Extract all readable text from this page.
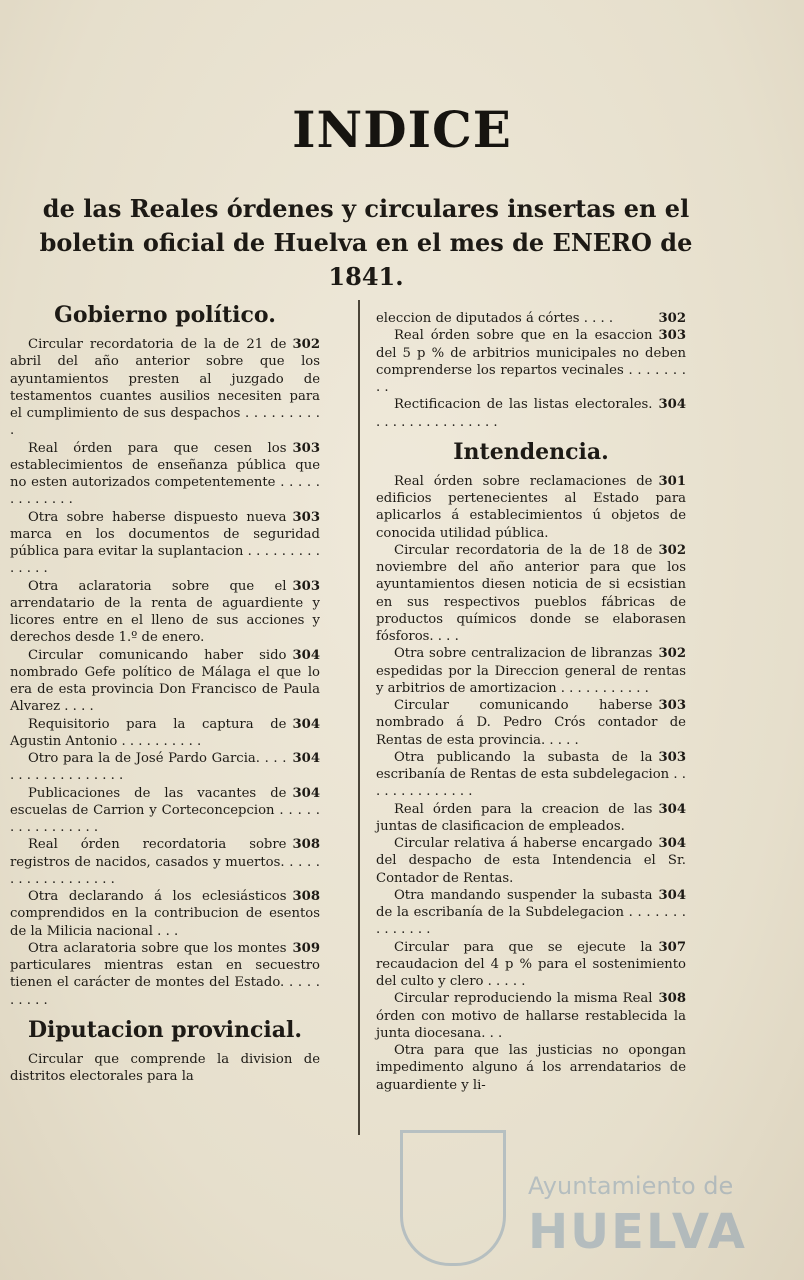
INDICE

de las Reales órdenes y circulares insertas en el boletin oficial de Huelva en el mes de ENERO de 1841.

Gobierno político.

302
Circular recordatoria de la de 21 de abril del año anterior sobre que los ayuntamientos presten al juzgado de testamentos cuantes ausilios necesiten para el cumplimiento de sus despachos . . . . . . . . . .

303
Real órden para que cesen los establecimientos de enseñanza pública que no esten autorizados competentemente . . . . . . . . . . . . .

303
Otra sobre haberse dispuesto nueva marca en los documentos de seguridad pública para evitar la suplantacion . . . . . . . . . . . . . .

303
Otra aclaratoria sobre que el arrendatario de la renta de aguardiente y licores entre en el lleno de sus acciones y derechos desde 1.º de enero.

304
Circular comunicando haber sido nombrado Gefe político de Málaga el que lo era de esta provincia Don Francisco de Paula Alvarez . . . .

304
Requisitorio para la captura de Agustin Antonio . . . . . . . . . .

304
Otro para la de José Pardo Garcia. . . . . . . . . . . . . . . . . .

304
Publicaciones de las vacantes de escuelas de Carrion y Corteconcepcion . . . . . . . . . . . . . . . .

308
Real órden recordatoria sobre registros de nacidos, casados y muertos. . . . . . . . . . . . . . . . . .

308
Otra declarando á los eclesiásticos comprendidos en la contribucion de esentos de la Milicia nacional . . .

309
Otra aclaratoria sobre que los montes particulares mientras estan en secuestro tienen el carácter de montes del Estado. . . . . . . . . .

Diputacion provincial.

Circular que comprende la division de distritos electorales para la

302
eleccion de diputados á córtes . . . .

303
Real órden sobre que en la esaccion del 5 p % de arbitrios municipales no deben comprenderse los repartos vecinales . . . . . . . . .

304
Rectificacion de las listas electorales. . . . . . . . . . . . . . . .

Intendencia.

301
Real órden sobre reclamaciones de edificios pertenecientes al Estado para aplicarlos á establecimientos ú objetos de conocida utilidad pública.

302
Circular recordatoria de la de 18 de noviembre del año anterior para que los ayuntamientos diesen noticia de si ecsistian en sus respectivos pueblos fábricas de productos químicos donde se elaborasen fósforos. . . .

302
Otra sobre centralizacion de libranzas espedidas por la Direccion general de rentas y arbitrios de amortizacion . . . . . . . . . . .

303
Circular comunicando haberse nombrado á D. Pedro Crós contador de Rentas de esta provincia. . . . .

303
Otra publicando la subasta de la escribanía de Rentas de esta subdelegacion . . . . . . . . . . . . . .

304
Real órden para la creacion de las juntas de clasificacion de empleados.

304
Circular relativa á haberse encargado del despacho de esta Intendencia el Sr. Contador de Rentas.

304
Otra mandando suspender la subasta de la escribanía de la Subdelegacion . . . . . . . . . . . . . .

307
Circular para que se ejecute la recaudacion del 4 p % para el sostenimiento del culto y clero . . . . .

308
Circular reproduciendo la misma Real órden con motivo de hallarse restablecida la junta diocesana. . .

Otra para que las justicias no opongan impedimento alguno á los arrendatarios de aguardiente y li-

Ayuntamiento de
HUELVA
